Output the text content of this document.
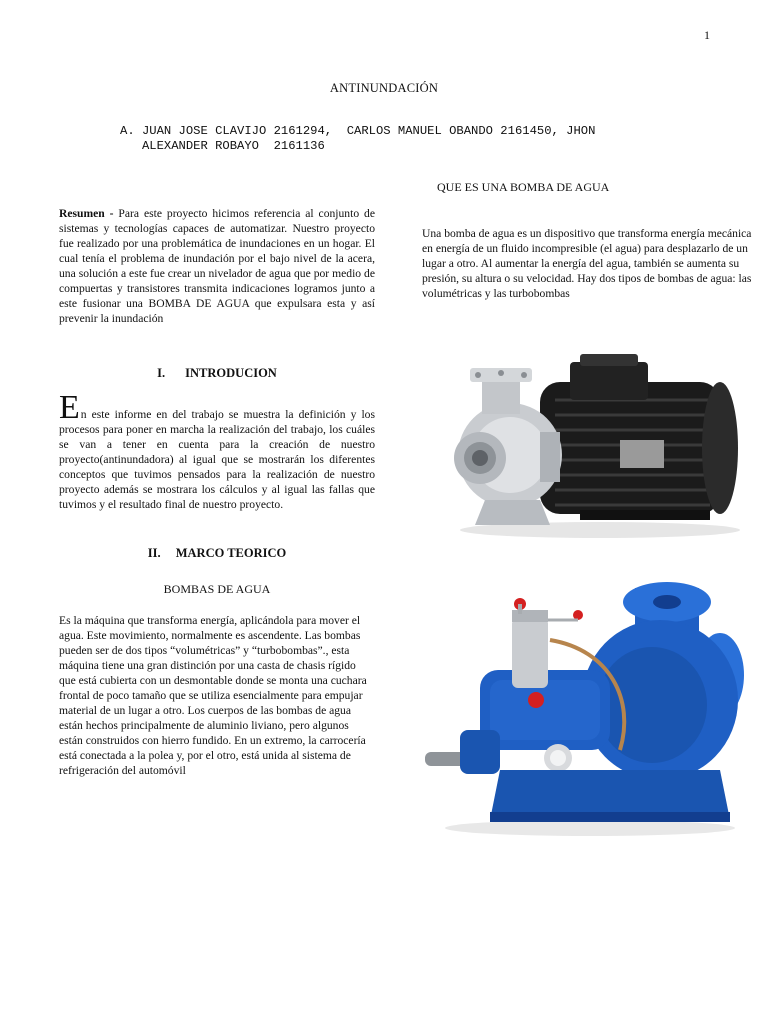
1
ANTINUNDACIÓN
A. JUAN JOSE CLAVIJO 2161294,  CARLOS MANUEL OBANDO 2161450, JHON
ALEXANDER ROBAYO  2161136
Resumen - Para este proyecto hicimos referencia al conjunto de sistemas y tecnologías capaces de automatizar. Nuestro proyecto fue realizado por una problemática de inundaciones en un hogar. El cual tenía el problema de inundación por el bajo nivel de la acera, una solución a este fue crear un nivelador de agua que por medio de compuertas y transistores transmita indicaciones logramos junto a este fusionar una BOMBA DE AGUA que expulsara esta y así prevenir la inundación
I. INTRODUCION
E n este informe en del trabajo se muestra la definición y los procesos para poner en marcha la realización del trabajo, los cuáles se van a tener en cuenta para la creación de nuestro proyecto(antinundadora) al igual que se mostrarán los diferentes conceptos que tuvimos pensados para la realización de nuestro proyecto además se mostrara los cálculos y al igual las fallas que tuvimos y el resultado final de nuestro proyecto.
II. MARCO TEORICO
BOMBAS DE AGUA
Es la máquina que transforma energía, aplicándola para mover el agua. Este movimiento, normalmente es ascendente. Las bombas pueden ser de dos tipos “volumétricas” y “turbobombas”., esta máquina tiene una gran distinción por una casta de chasis rígido que está cubierta con un desmontable donde se monta una cuchara frontal de poco tamaño que se utiliza esencialmente para empujar material de un lugar a otro. Los cuerpos de las bombas de agua están hechos principalmente de aluminio liviano, pero algunos están construidos con hierro fundido. En un extremo, la carrocería está conectada a la polea y, por el otro, está unida al sistema de refrigeración del automóvil
QUE ES UNA BOMBA DE AGUA
Una bomba de agua es un dispositivo que transforma energía mecánica en energía de un fluido incompresible (el agua) para desplazarlo de un lugar a otro. Al aumentar la energía del agua, también se aumenta su presión, su altura o su velocidad. Hay dos tipos de bombas de agua: las volumétricas y las turbobombas
